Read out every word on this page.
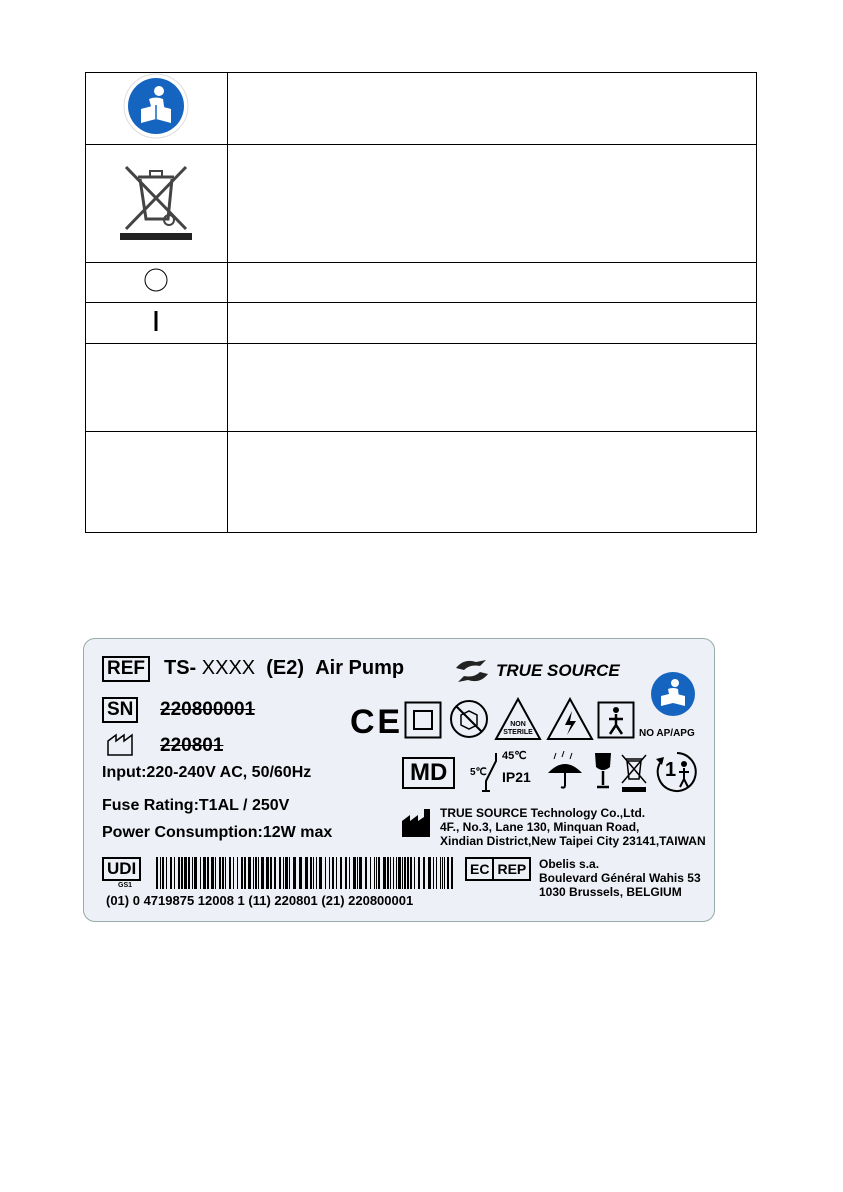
REF TS- XXXX (E2) Air Pump	TRUE SOURCE
NO AP/APG
SN 220800001
220801
C E	NON
STERILE
MD	5℃
45℃
IP21	1
Input:220-240V AC, 50/60Hz
Fuse Rating:T1AL / 250V
Power Consumption:12W max
TRUE SOURCE Technology Co.,Ltd.
4F., No.3, Lane 130, Minquan Road,
Xindian District,New Taipei City 23141,TAIWAN
UDI
GS1
(01) 0 4719875 12008 1 (11) 220801 (21) 220800001
EC REP Obelis s.a.
Boulevard Général Wahis 53
1030 Brussels, BELGIUM
